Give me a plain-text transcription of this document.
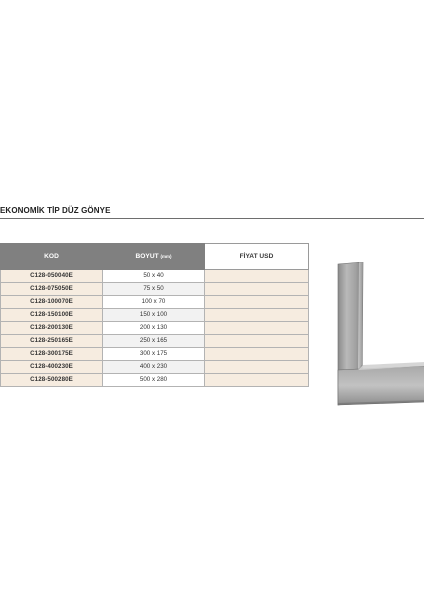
EKONOMİK TİP DÜZ GÖNYE
KOD	BOYUT (mm)	FİYAT USD
C128-050040E	50 x 40	
C128-075050E	75 x 50	
C128-100070E	100 x 70	
C128-150100E	150 x 100	
C128-200130E	200 x 130	
C128-250165E	250 x 165	
C128-300175E	300 x 175	
C128-400230E	400 x 230	
C128-500280E	500 x 280	
